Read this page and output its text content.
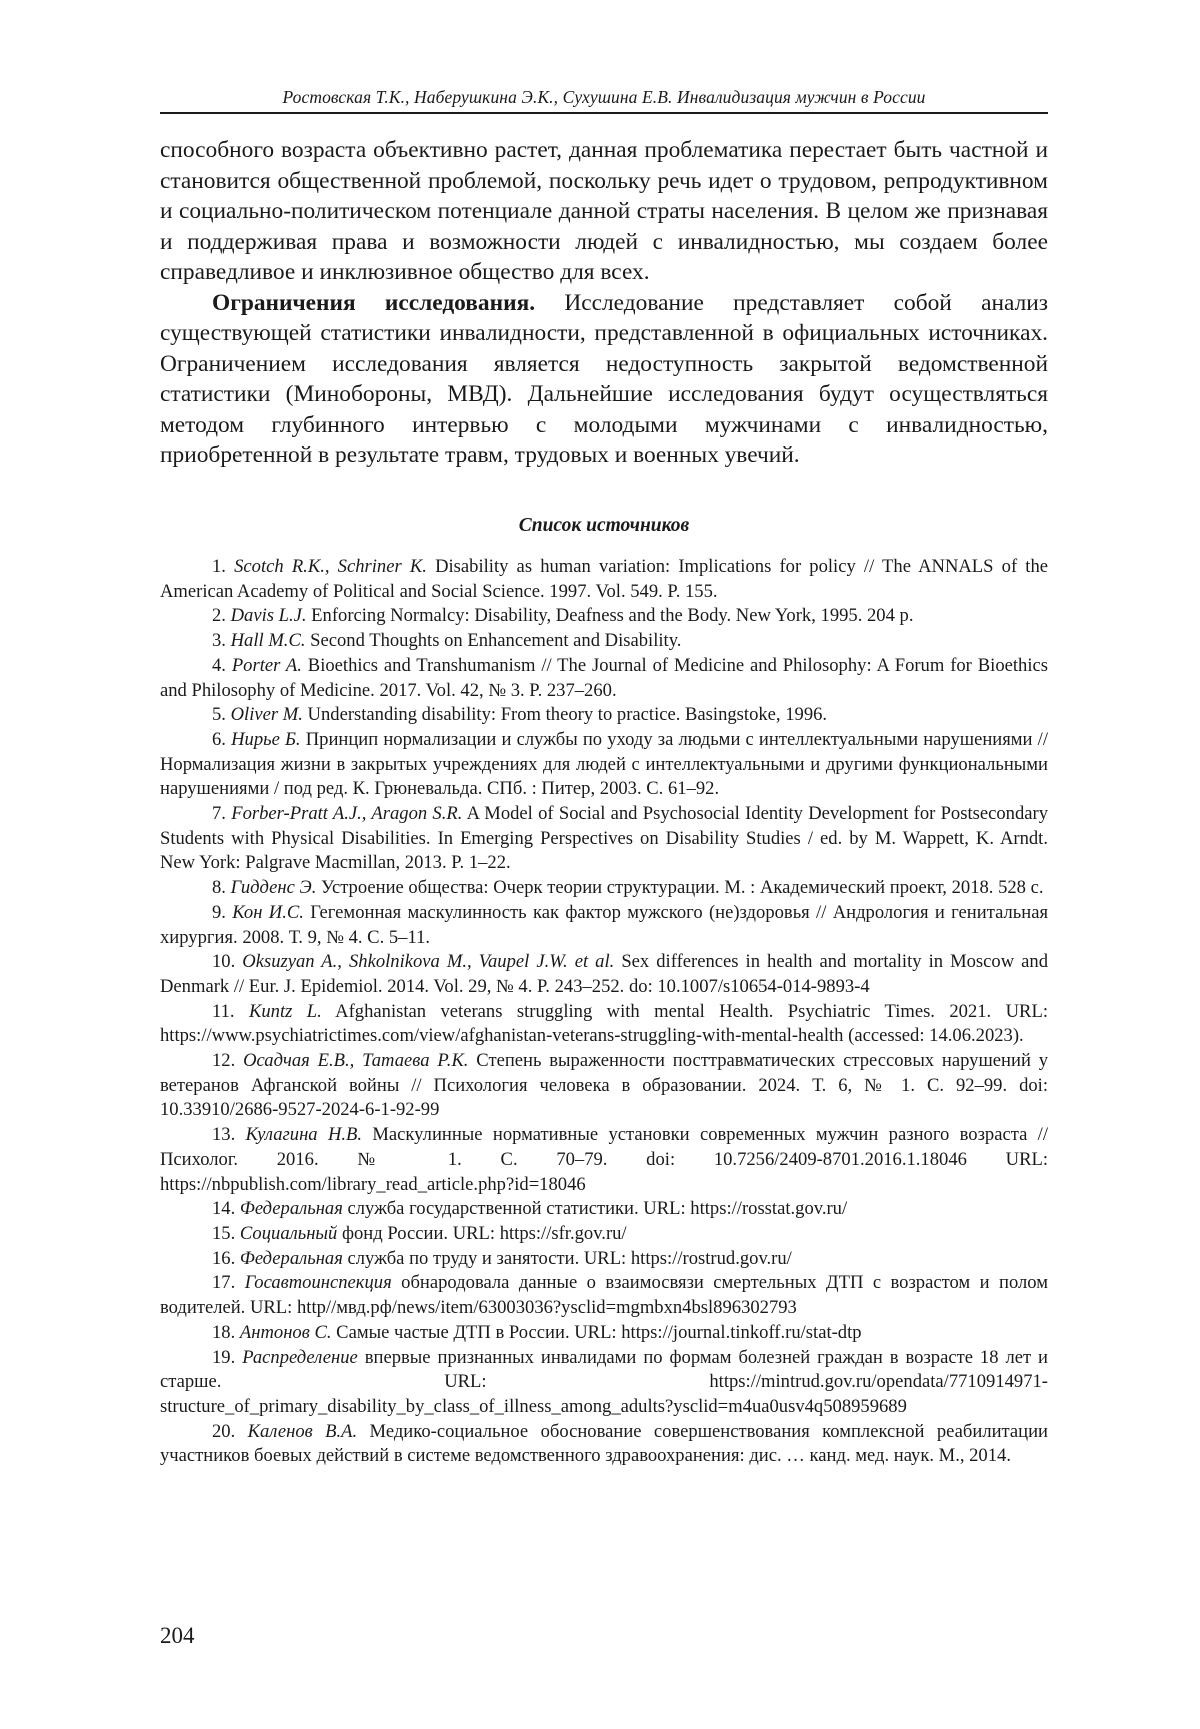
Ростовская Т.К., Наберушкина Э.К., Сухушина Е.В. Инвалидизация мужчин в России

способного возраста объективно растет, данная проблематика перестает быть частной и становится общественной проблемой, поскольку речь идет о трудовом, репродуктивном и социально-политическом потенциале данной страты населения. В целом же признавая и поддерживая права и возможности людей с инвалидностью, мы создаем более справедливое и инклюзивное общество для всех.

Ограничения исследования. Исследование представляет собой анализ существующей статистики инвалидности, представленной в официальных источниках. Ограничением исследования является недоступность закрытой ведомственной статистики (Минобороны, МВД). Дальнейшие исследования будут осуществляться методом глубинного интервью с молодыми мужчинами с инвалидностью, приобретенной в результате травм, трудовых и военных увечий.

Список источников
1. Scotch R.K., Schriner K. Disability as human variation: Implications for policy // The ANNALS of the American Academy of Political and Social Science. 1997. Vol. 549. P. 155.
2. Davis L.J. Enforcing Normalcy: Disability, Deafness and the Body. New York, 1995. 204 p.
3. Hall M.C. Second Thoughts on Enhancement and Disability.
4. Porter A. Bioethics and Transhumanism // The Journal of Medicine and Philosophy: A Forum for Bioethics and Philosophy of Medicine. 2017. Vol. 42, № 3. P. 237–260.
5. Oliver M. Understanding disability: From theory to practice. Basingstoke, 1996.
6. Нирье Б. Принцип нормализации и службы по уходу за людьми с интеллектуальными нарушениями // Нормализация жизни в закрытых учреждениях для людей с интеллектуальными и другими функциональными нарушениями / под ред. К. Грюневальда. СПб. : Питер, 2003. С. 61–92.
7. Forber-Pratt A.J., Aragon S.R. A Model of Social and Psychosocial Identity Development for Postsecondary Students with Physical Disabilities. In Emerging Perspectives on Disability Studies / ed. by M. Wappett, K. Arndt. New York: Palgrave Macmillan, 2013. P. 1–22.
8. Гидденс Э. Устроение общества: Очерк теории структурации. М. : Академический проект, 2018. 528 с.
9. Кон И.С. Гегемонная маскулинность как фактор мужского (не)здоровья // Андрология и генитальная хирургия. 2008. Т. 9, № 4. С. 5–11.
10. Oksuzyan A., Shkolnikova M., Vaupel J.W. et al. Sex differences in health and mortality in Moscow and Denmark // Eur. J. Epidemiol. 2014. Vol. 29, № 4. P. 243–252. do: 10.1007/s10654-014-9893-4
11. Kuntz L. Afghanistan veterans struggling with mental Health. Psychiatric Times. 2021. URL: https://www.psychiatrictimes.com/view/afghanistan-veterans-struggling-with-mental-health (accessed: 14.06.2023).
12. Осадчая Е.В., Татаева Р.К. Степень выраженности посттравматических стрессовых нарушений у ветеранов Афганской войны // Психология человека в образовании. 2024. Т. 6, № 1. С. 92–99. doi: 10.33910/2686-9527-2024-6-1-92-99
13. Кулагина Н.В. Маскулинные нормативные установки современных мужчин разного возраста // Психолог. 2016. № 1. С. 70–79. doi: 10.7256/2409-8701.2016.1.18046 URL: https://nbpublish.com/library_read_article.php?id=18046
14. Федеральная служба государственной статистики. URL: https://rosstat.gov.ru/
15. Социальный фонд России. URL: https://sfr.gov.ru/
16. Федеральная служба по труду и занятости. URL: https://rostrud.gov.ru/
17. Госавтоинспекция обнародовала данные о взаимосвязи смертельных ДТП с возрастом и полом водителей. URL: http//мвд.рф/news/item/63003036?ysclid=mgmbxn4bsl896302793
18. Антонов С. Самые частые ДТП в России. URL: https://journal.tinkoff.ru/stat-dtp
19. Распределение впервые признанных инвалидами по формам болезней граждан в возрасте 18 лет и старше. URL: https://mintrud.gov.ru/opendata/7710914971-structure_of_primary_disability_by_class_of_illness_among_adults?ysclid=m4ua0usv4q508959689
20. Каленов В.А. Медико-социальное обоснование совершенствования комплексной реабилитации участников боевых действий в системе ведомственного здравоохранения: дис. … канд. мед. наук. М., 2014.
204
